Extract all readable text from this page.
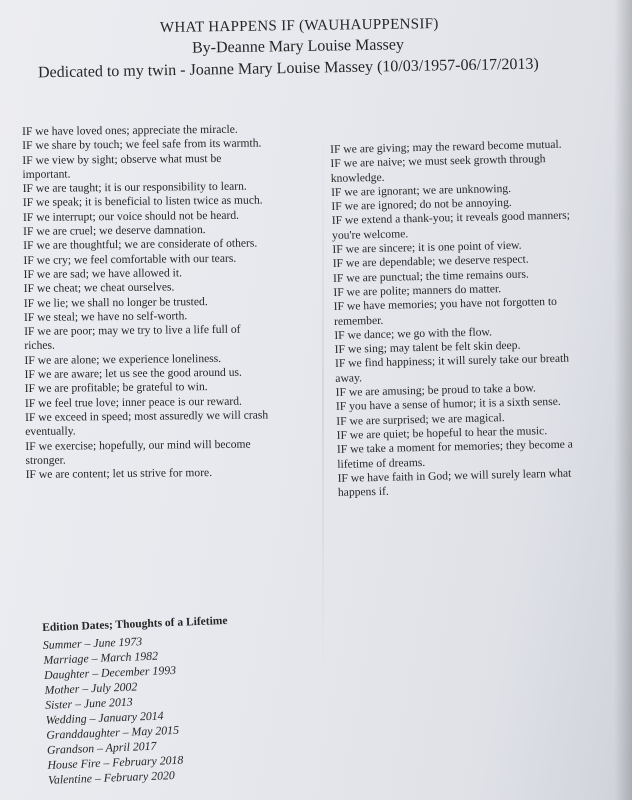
WHAT HAPPENS IF (WAUHAUPPENSIF)
By-Deanne Mary Louise Massey
Dedicated to my twin - Joanne Mary Louise Massey (10/03/1957-06/17/2013)
IF we have loved ones; appreciate the miracle.
IF we share by touch; we feel safe from its warmth.
IF we view by sight; observe what must be
important.
IF we are taught; it is our responsibility to learn.
IF we speak; it is beneficial to listen twice as much.
IF we interrupt; our voice should not be heard.
IF we are cruel; we deserve damnation.
IF we are thoughtful; we are considerate of others.
IF we cry; we feel comfortable with our tears.
IF we are sad; we have allowed it.
IF we cheat; we cheat ourselves.
IF we lie; we shall no longer be trusted.
IF we steal; we have no self-worth.
IF we are poor; may we try to live a life full of
riches.
IF we are alone; we experience loneliness.
IF we are aware; let us see the good around us.
IF we are profitable; be grateful to win.
IF we feel true love; inner peace is our reward.
IF we exceed in speed; most assuredly we will crash
eventually.
IF we exercise; hopefully, our mind will become
stronger.
IF we are content; let us strive for more.
IF we are giving; may the reward become mutual.
IF we are naive; we must seek growth through
knowledge.
IF we are ignorant; we are unknowing.
IF we are ignored; do not be annoying.
IF we extend a thank-you; it reveals good manners;
you're welcome.
IF we are sincere; it is one point of view.
IF we are dependable; we deserve respect.
IF we are punctual; the time remains ours.
IF we are polite; manners do matter.
IF we have memories; you have not forgotten to
remember.
IF we dance; we go with the flow.
IF we sing; may talent be felt skin deep.
IF we find happiness; it will surely take our breath
away.
IF we are amusing; be proud to take a bow.
IF you have a sense of humor; it is a sixth sense.
IF we are surprised; we are magical.
IF we are quiet; be hopeful to hear the music.
IF we take a moment for memories; they become a
lifetime of dreams.
IF we have faith in God; we will surely learn what
happens if.
Edition Dates; Thoughts of a Lifetime
Summer – June 1973
Marriage – March 1982
Daughter – December 1993
Mother – July 2002
Sister – June 2013
Wedding – January 2014
Granddaughter – May 2015
Grandson – April 2017
House Fire – February 2018
Valentine – February 2020
